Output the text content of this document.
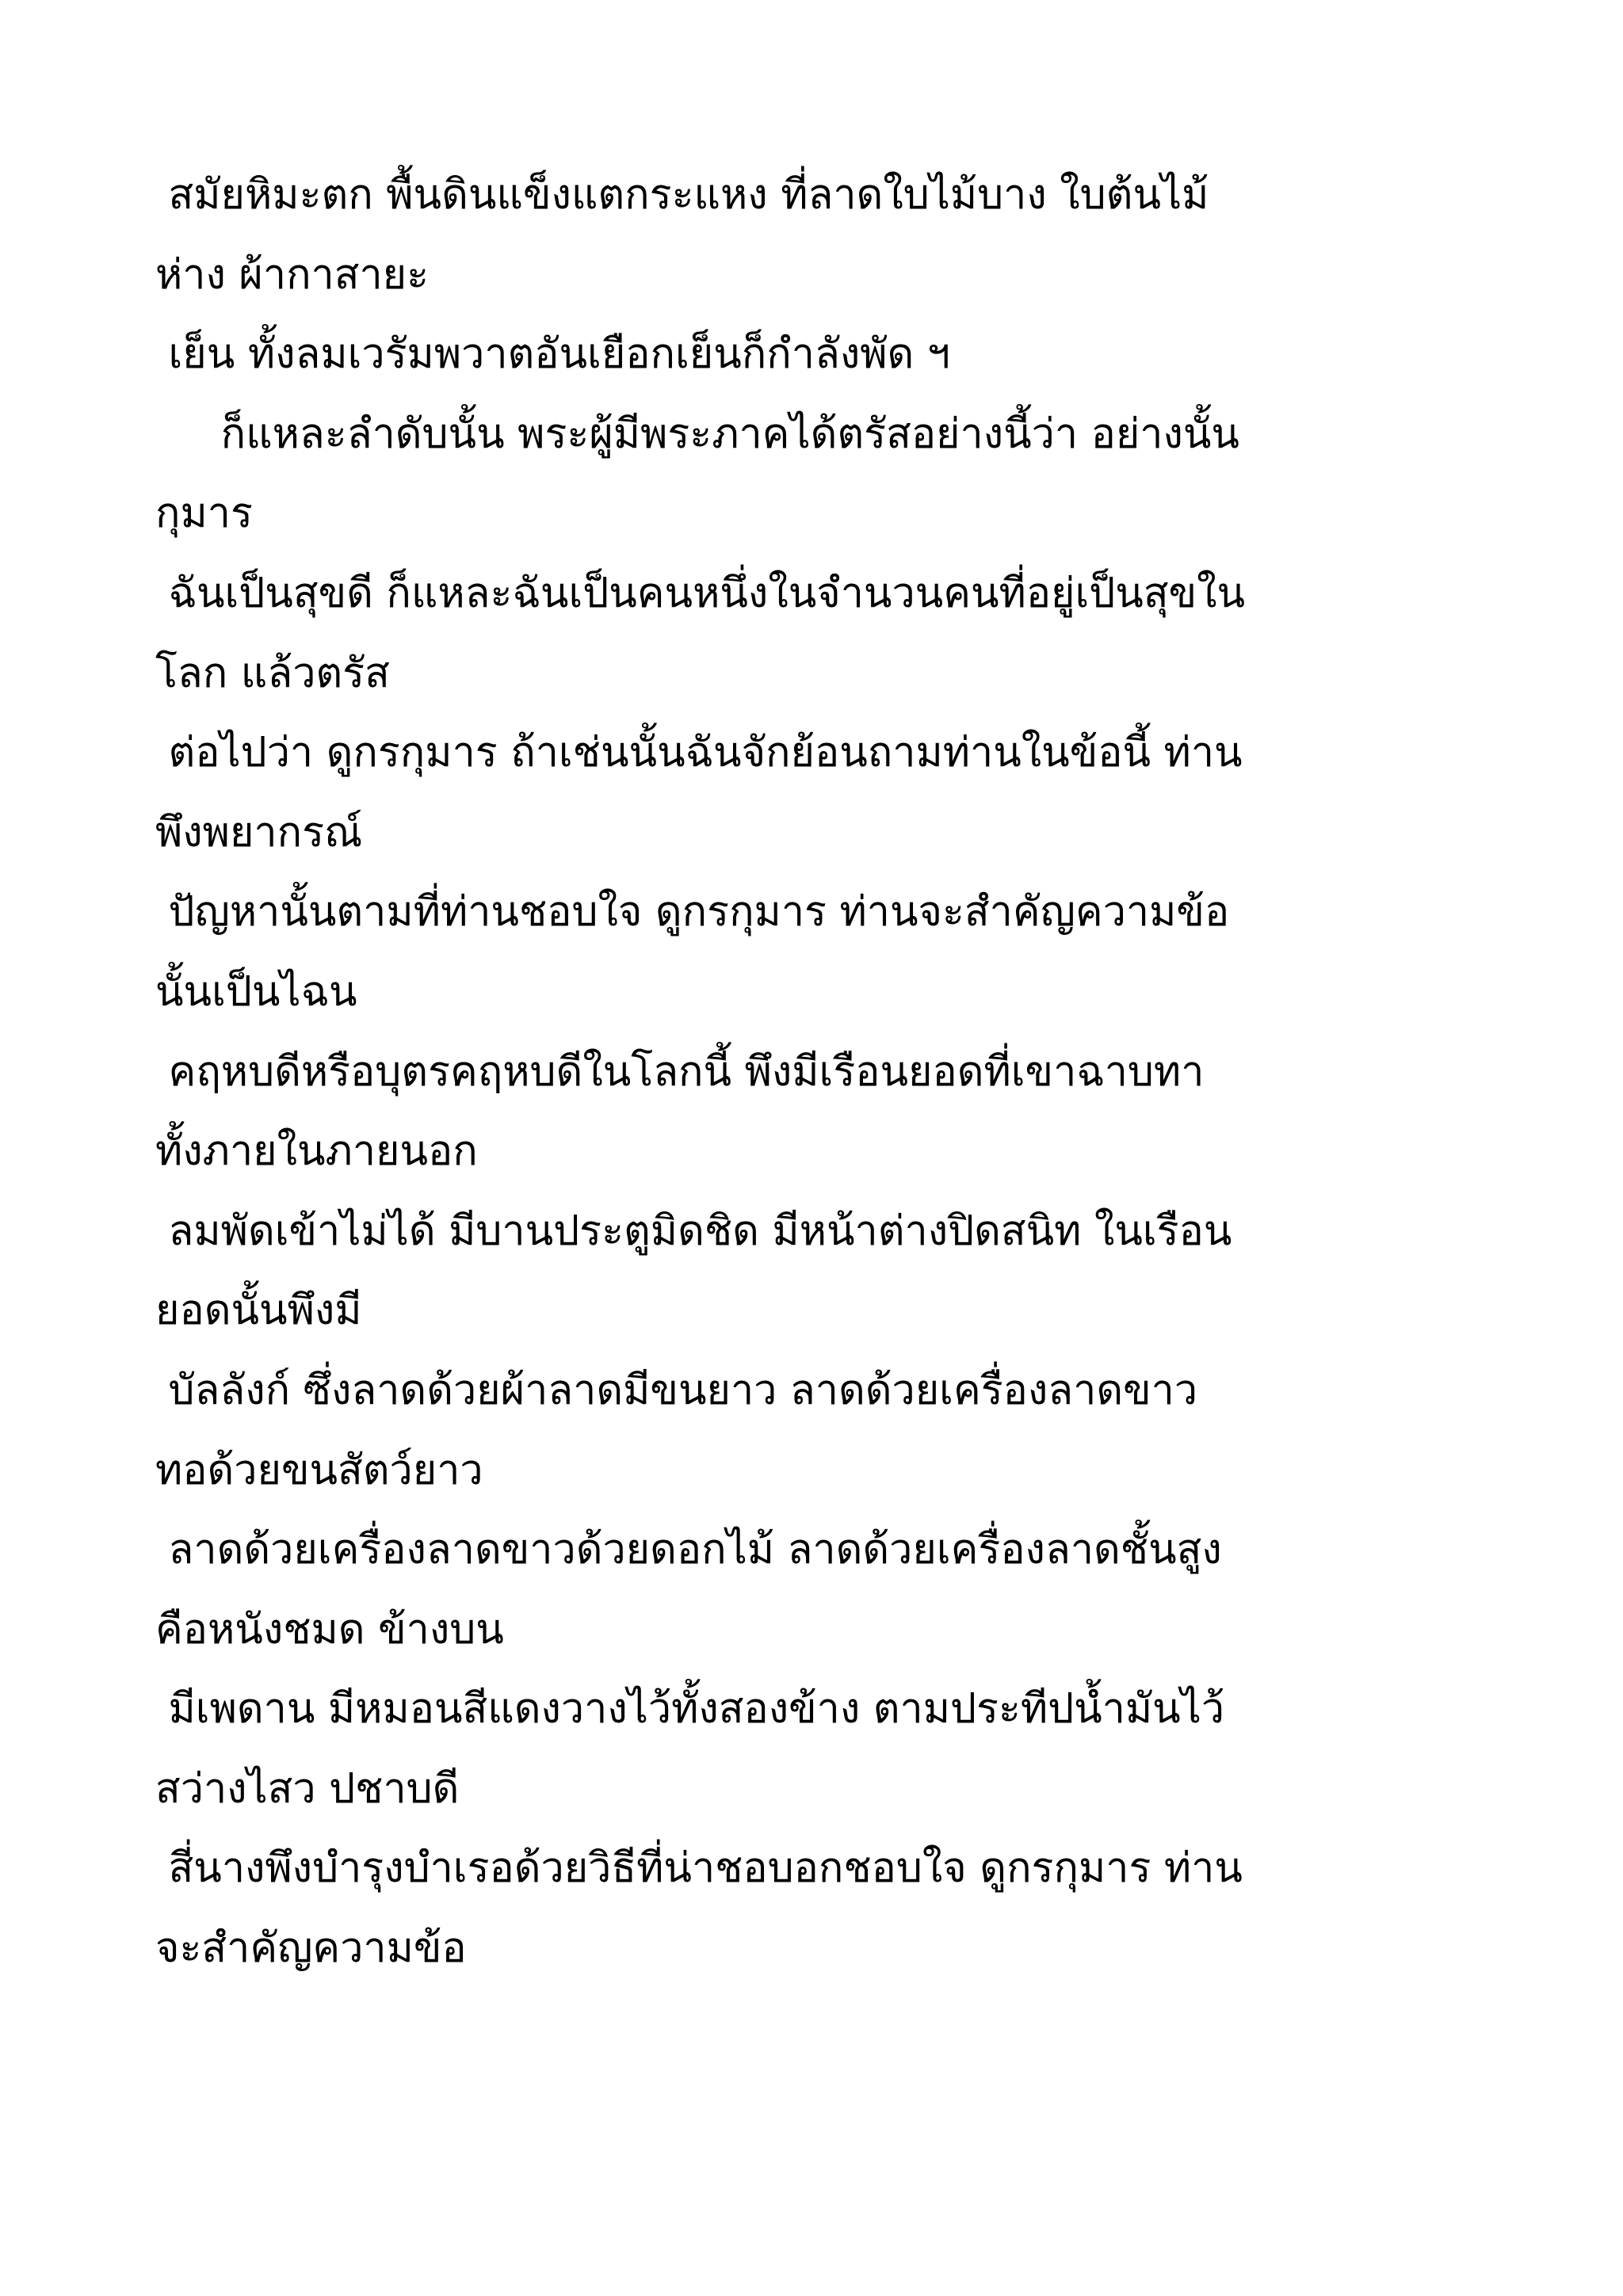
สมัยหิมะตก พื้นดินแข็งแตกระแหง ที่ลาดใบไม้บาง ใบต้นไม้
ห่าง ผ้ากาสายะ
เย็น ทั้งลมเวรัมพวาตอันเยือกเย็นก็กำลังพัด ฯ
ก็แหละลำดับนั้น พระผู้มีพระภาคได้ตรัสอย่างนี้ว่า อย่างนั้น
กุมาร
ฉันเป็นสุขดี ก็แหละฉันเป็นคนหนึ่งในจำนวนคนที่อยู่เป็นสุขใน
โลก แล้วตรัส
ต่อไปว่า ดูกรกุมาร ถ้าเช่นนั้นฉันจักย้อนถามท่านในข้อนี้ ท่าน
พึงพยากรณ์
ปัญหานั้นตามที่ท่านชอบใจ ดูกรกุมาร ท่านจะสำคัญความข้อ
นั้นเป็นไฉน
คฤหบดีหรือบุตรคฤหบดีในโลกนี้ พึงมีเรือนยอดที่เขาฉาบทา
ทั้งภายในภายนอก
ลมพัดเข้าไม่ได้ มีบานประตูมิดชิด มีหน้าต่างปิดสนิท ในเรือน
ยอดนั้นพึงมี
บัลลังก์ ซึ่งลาดด้วยผ้าลาดมีขนยาว ลาดด้วยเครื่องลาดขาว
ทอด้วยขนสัตว์ยาว
ลาดด้วยเครื่องลาดขาวด้วยดอกไม้ ลาดด้วยเครื่องลาดชั้นสูง
คือหนังชมด ข้างบน
มีเพดาน มีหมอนสีแดงวางไว้ทั้งสองข้าง ตามประทีปน้ำมันไว้
สว่างไสว ปชาบดี
สี่นางพึงบำรุงบำเรอด้วยวิธีที่น่าชอบอกชอบใจ ดูกรกุมาร ท่าน
จะสำคัญความข้อ
